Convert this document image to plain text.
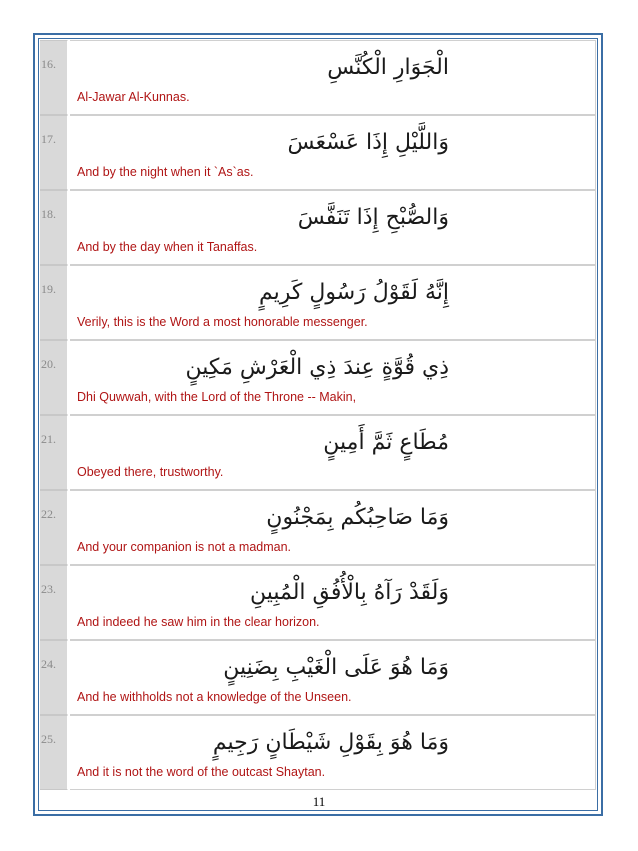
16.	الْجَوَارِ الْكُنَّسِ
Al-Jawar Al-Kunnas.
17.	وَاللَّيْلِ إِذَا عَسْعَسَ
And by the night when it `As`as.
18.	وَالصُّبْحِ إِذَا تَنَفَّسَ
And by the day when it Tanaffas.
19.	إِنَّهُ لَقَوْلُ رَسُولٍ كَرِيمٍ
Verily, this is the Word a most honorable messenger.
20.	ذِي قُوَّةٍ عِندَ ذِي الْعَرْشِ مَكِينٍ
Dhi Quwwah, with the Lord of the Throne -- Makin,
21.	مُطَاعٍ ثَمَّ أَمِينٍ
Obeyed there, trustworthy.
22.	وَمَا صَاحِبُكُم بِمَجْنُونٍ
And your companion is not a madman.
23.	وَلَقَدْ رَآهُ بِالْأُفُقِ الْمُبِينِ
And indeed he saw him in the clear horizon.
24.	وَمَا هُوَ عَلَى الْغَيْبِ بِضَنِينٍ
And he withholds not a knowledge of the Unseen.
25.	وَمَا هُوَ بِقَوْلِ شَيْطَانٍ رَجِيمٍ
And it is not the word of the outcast Shaytan.
11
